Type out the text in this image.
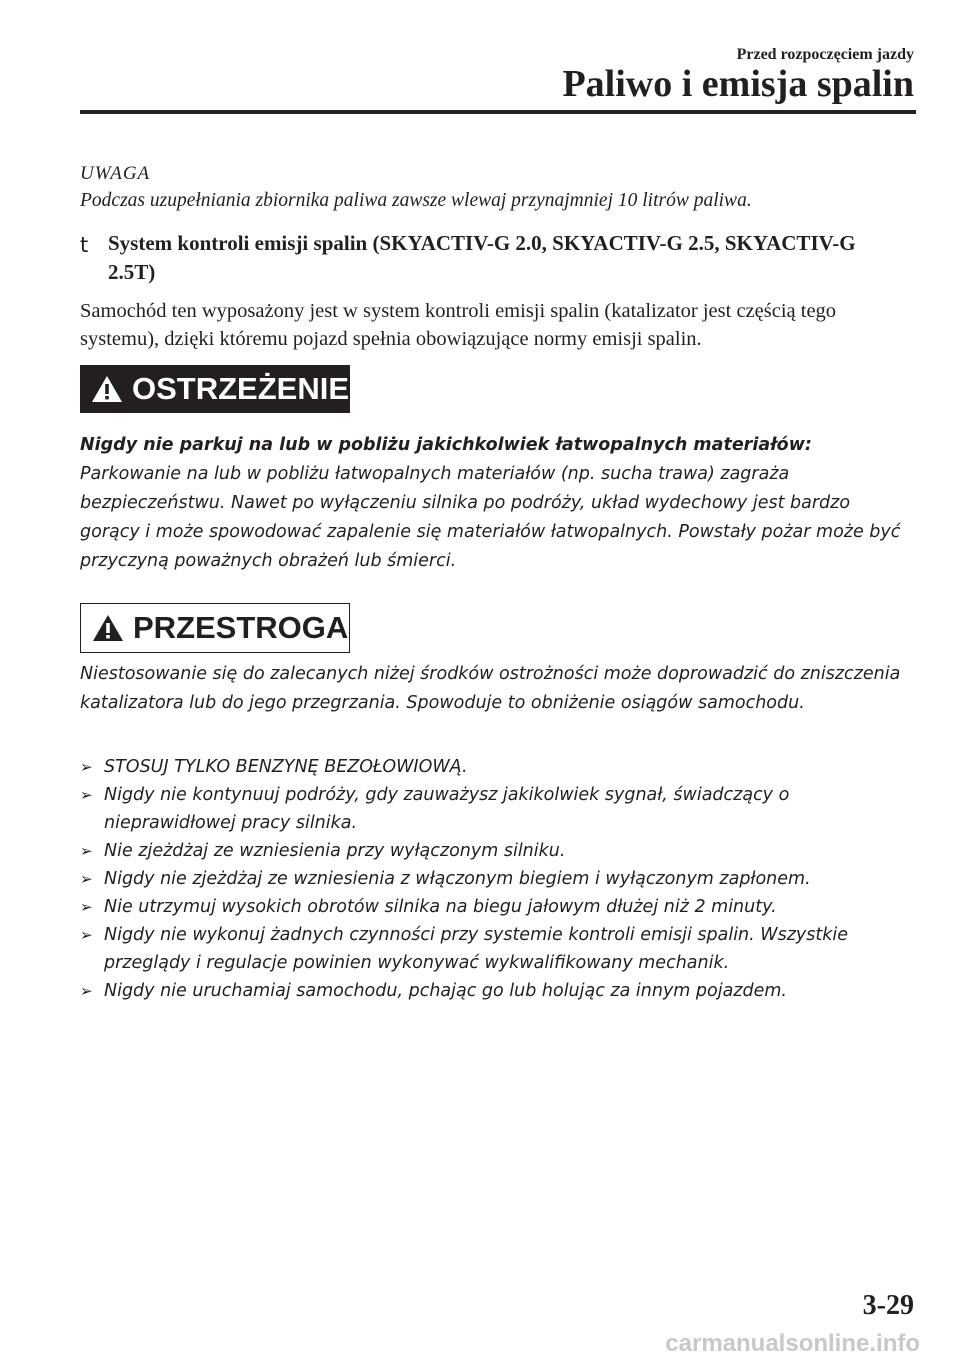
Przed rozpoczęciem jazdy
Paliwo i emisja spalin
UWAGA
Podczas uzupełniania zbiornika paliwa zawsze wlewaj przynajmniej 10 litrów paliwa.
t System kontroli emisji spalin (SKYACTIV-G 2.0, SKYACTIV-G 2.5, SKYACTIV-G 2.5T)
Samochód ten wyposażony jest w system kontroli emisji spalin (katalizator jest częścią tego systemu), dzięki któremu pojazd spełnia obowiązujące normy emisji spalin.
OSTRZEŻENIE
Nigdy nie parkuj na lub w pobliżu jakichkolwiek łatwopalnych materiałów:
Parkowanie na lub w pobliżu łatwopalnych materiałów (np. sucha trawa) zagraża bezpieczeństwu. Nawet po wyłączeniu silnika po podróży, układ wydechowy jest bardzo gorący i może spowodować zapalenie się materiałów łatwopalnych. Powstały pożar może być przyczyną poważnych obrażeń lub śmierci.
PRZESTROGA
Niestosowanie się do zalecanych niżej środków ostrożności może doprowadzić do zniszczenia katalizatora lub do jego przegrzania. Spowoduje to obniżenie osiągów samochodu.
➢ STOSUJ TYLKO BENZYNĘ BEZOŁOWIOWĄ.
➢ Nigdy nie kontynuuj podróży, gdy zauważysz jakikolwiek sygnał, świadczący o nieprawidłowej pracy silnika.
➢ Nie zjeżdżaj ze wzniesienia przy wyłączonym silniku.
➢ Nigdy nie zjeżdżaj ze wzniesienia z włączonym biegiem i wyłączonym zapłonem.
➢ Nie utrzymuj wysokich obrotów silnika na biegu jałowym dłużej niż 2 minuty.
➢ Nigdy nie wykonuj żadnych czynności przy systemie kontroli emisji spalin. Wszystkie przeglądy i regulacje powinien wykonywać wykwalifikowany mechanik.
➢ Nigdy nie uruchamiaj samochodu, pchając go lub holując za innym pojazdem.
3-29
carmanualsonline.info
